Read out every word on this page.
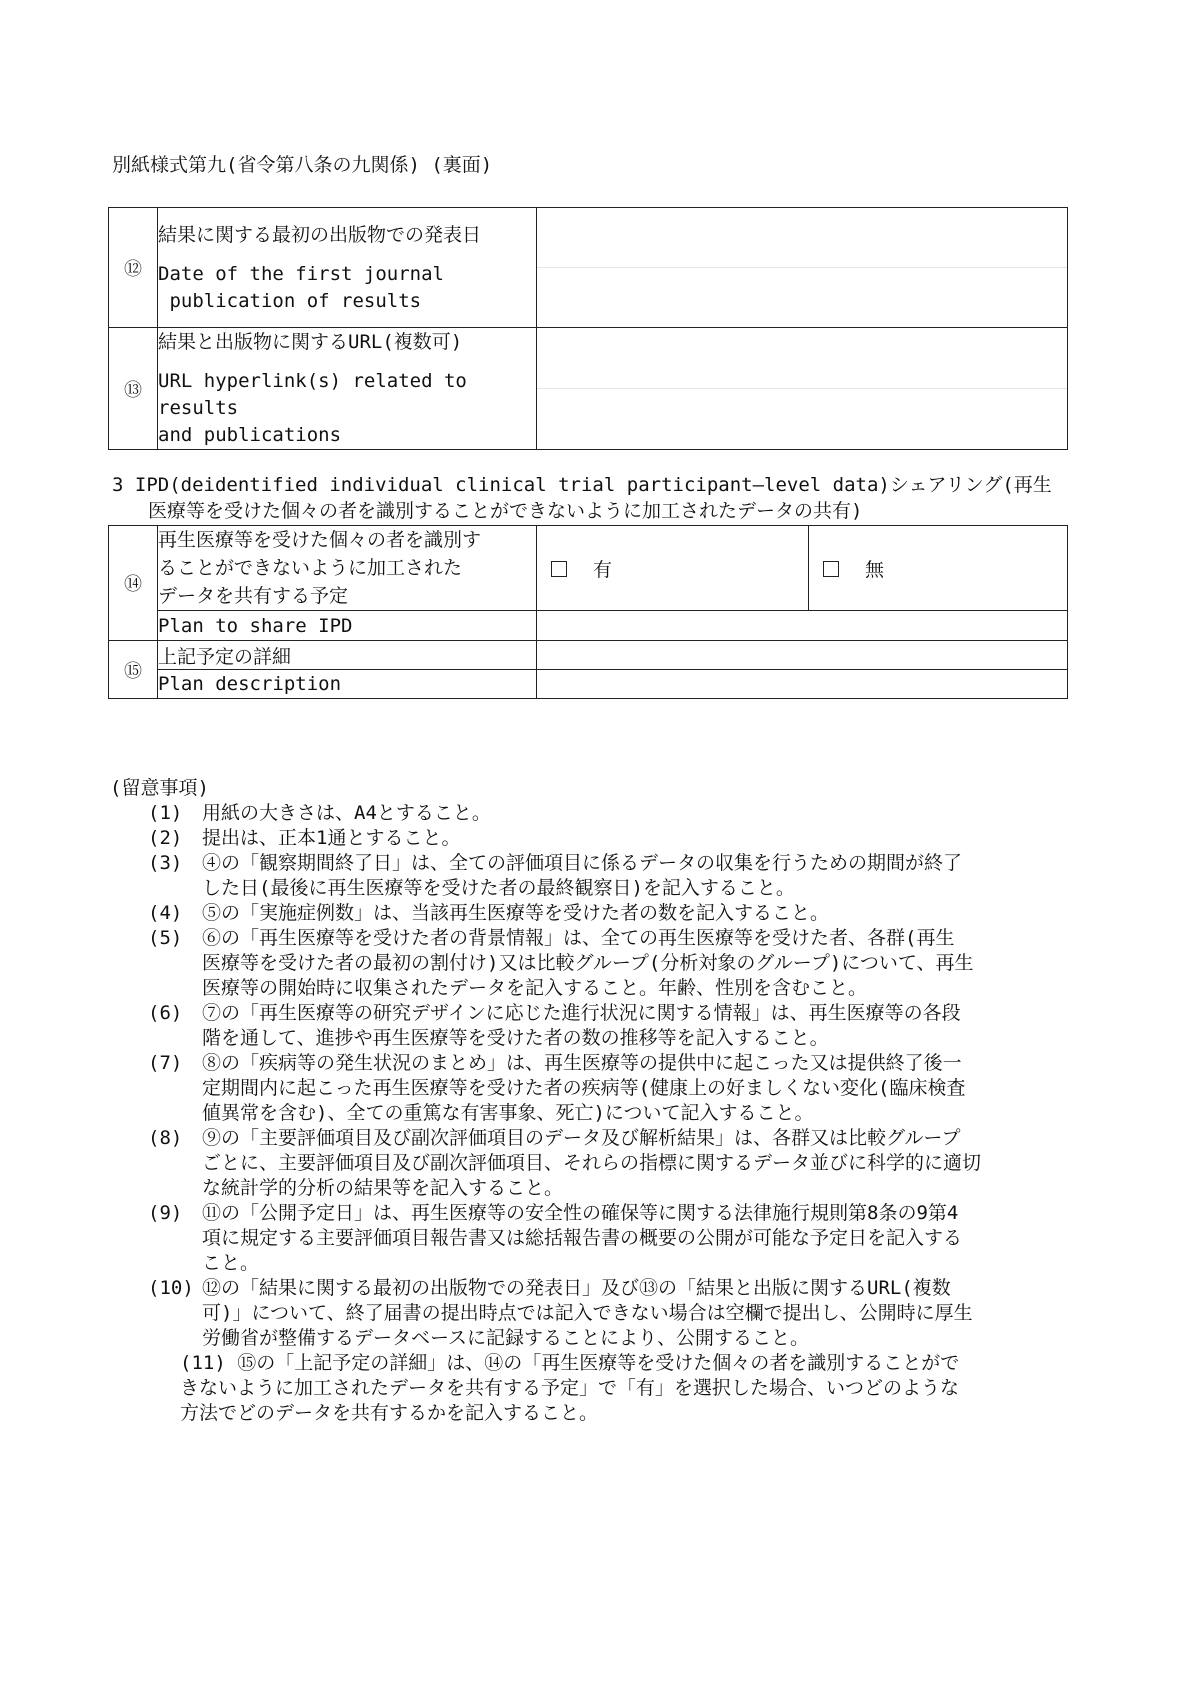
別紙様式第九(省令第八条の九関係) (裏面)
⑫	結果に関する最初の出版物での発表日
Date of the first journal
publication of results	

⑬	結果と出版物に関するURL(複数可)
URL hyperlink(s) related to results
and publications	

3 IPD(deidentified individual clinical trial participant—level data)シェアリング(再生
医療等を受けた個々の者を識別することができないように加工されたデータの共有)
⑭	再生医療等を受けた個々の者を識別す
ることができないように加工された
データを共有する予定	有	無
	Plan to share IPD		
⑮	上記予定の詳細		
	Plan description		
(留意事項)
(1)	用紙の大きさは、A4とすること。
(2)	提出は、正本1通とすること。
(3)	④の「観察期間終了日」は、全ての評価項目に係るデータの収集を行うための期間が終了
した日(最後に再生医療等を受けた者の最終観察日)を記入すること。
(4)	⑤の「実施症例数」は、当該再生医療等を受けた者の数を記入すること。
(5)	⑥の「再生医療等を受けた者の背景情報」は、全ての再生医療等を受けた者、各群(再生
医療等を受けた者の最初の割付け)又は比較グループ(分析対象のグループ)について、再生
医療等の開始時に収集されたデータを記入すること。年齢、性別を含むこと。
(6)	⑦の「再生医療等の研究デザインに応じた進行状況に関する情報」は、再生医療等の各段
階を通して、進捗や再生医療等を受けた者の数の推移等を記入すること。
(7)	⑧の「疾病等の発生状況のまとめ」は、再生医療等の提供中に起こった又は提供終了後一
定期間内に起こった再生医療等を受けた者の疾病等(健康上の好ましくない変化(臨床検査
値異常を含む)、全ての重篤な有害事象、死亡)について記入すること。
(8)	⑨の「主要評価項目及び副次評価項目のデータ及び解析結果」は、各群又は比較グループ
ごとに、主要評価項目及び副次評価項目、それらの指標に関するデータ並びに科学的に適切
な統計学的分析の結果等を記入すること。
(9)	⑪の「公開予定日」は、再生医療等の安全性の確保等に関する法律施行規則第8条の9第4
項に規定する主要評価項目報告書又は総括報告書の概要の公開が可能な予定日を記入する
こと。
(10) ⑫の「結果に関する最初の出版物での発表日」及び⑬の「結果と出版に関するURL(複数
可)」について、終了届書の提出時点では記入できない場合は空欄で提出し、公開時に厚生
労働省が整備するデータベースに記録することにより、公開すること。
(11) ⑮の「上記予定の詳細」は、⑭の「再生医療等を受けた個々の者を識別することがで
きないように加工されたデータを共有する予定」で「有」を選択した場合、いつどのような
方法でどのデータを共有するかを記入すること。
